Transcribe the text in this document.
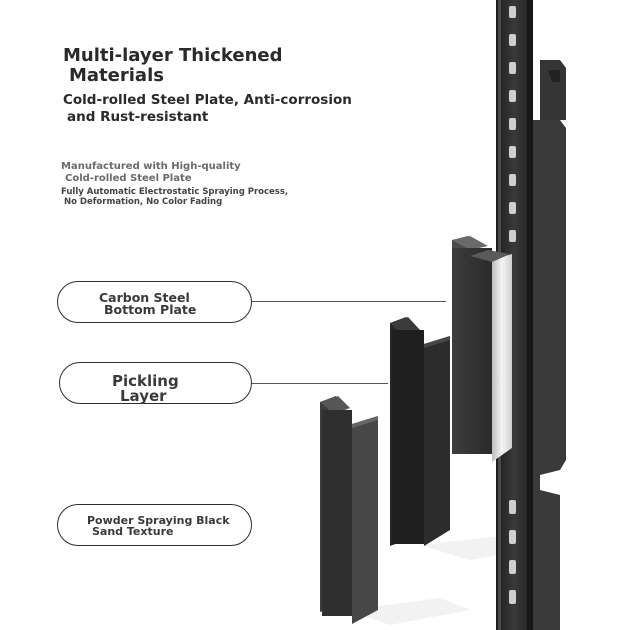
Multi-layer Thickened
Materials
Cold-rolled Steel Plate, Anti-corrosion
and Rust-resistant
Manufactured with High-quality
Cold-rolled Steel Plate
Fully Automatic Electrostatic Spraying Process,
No Deformation, No Color Fading
Carbon Steel
Bottom Plate
Pickling
Layer
Powder Spraying Black
Sand Texture
